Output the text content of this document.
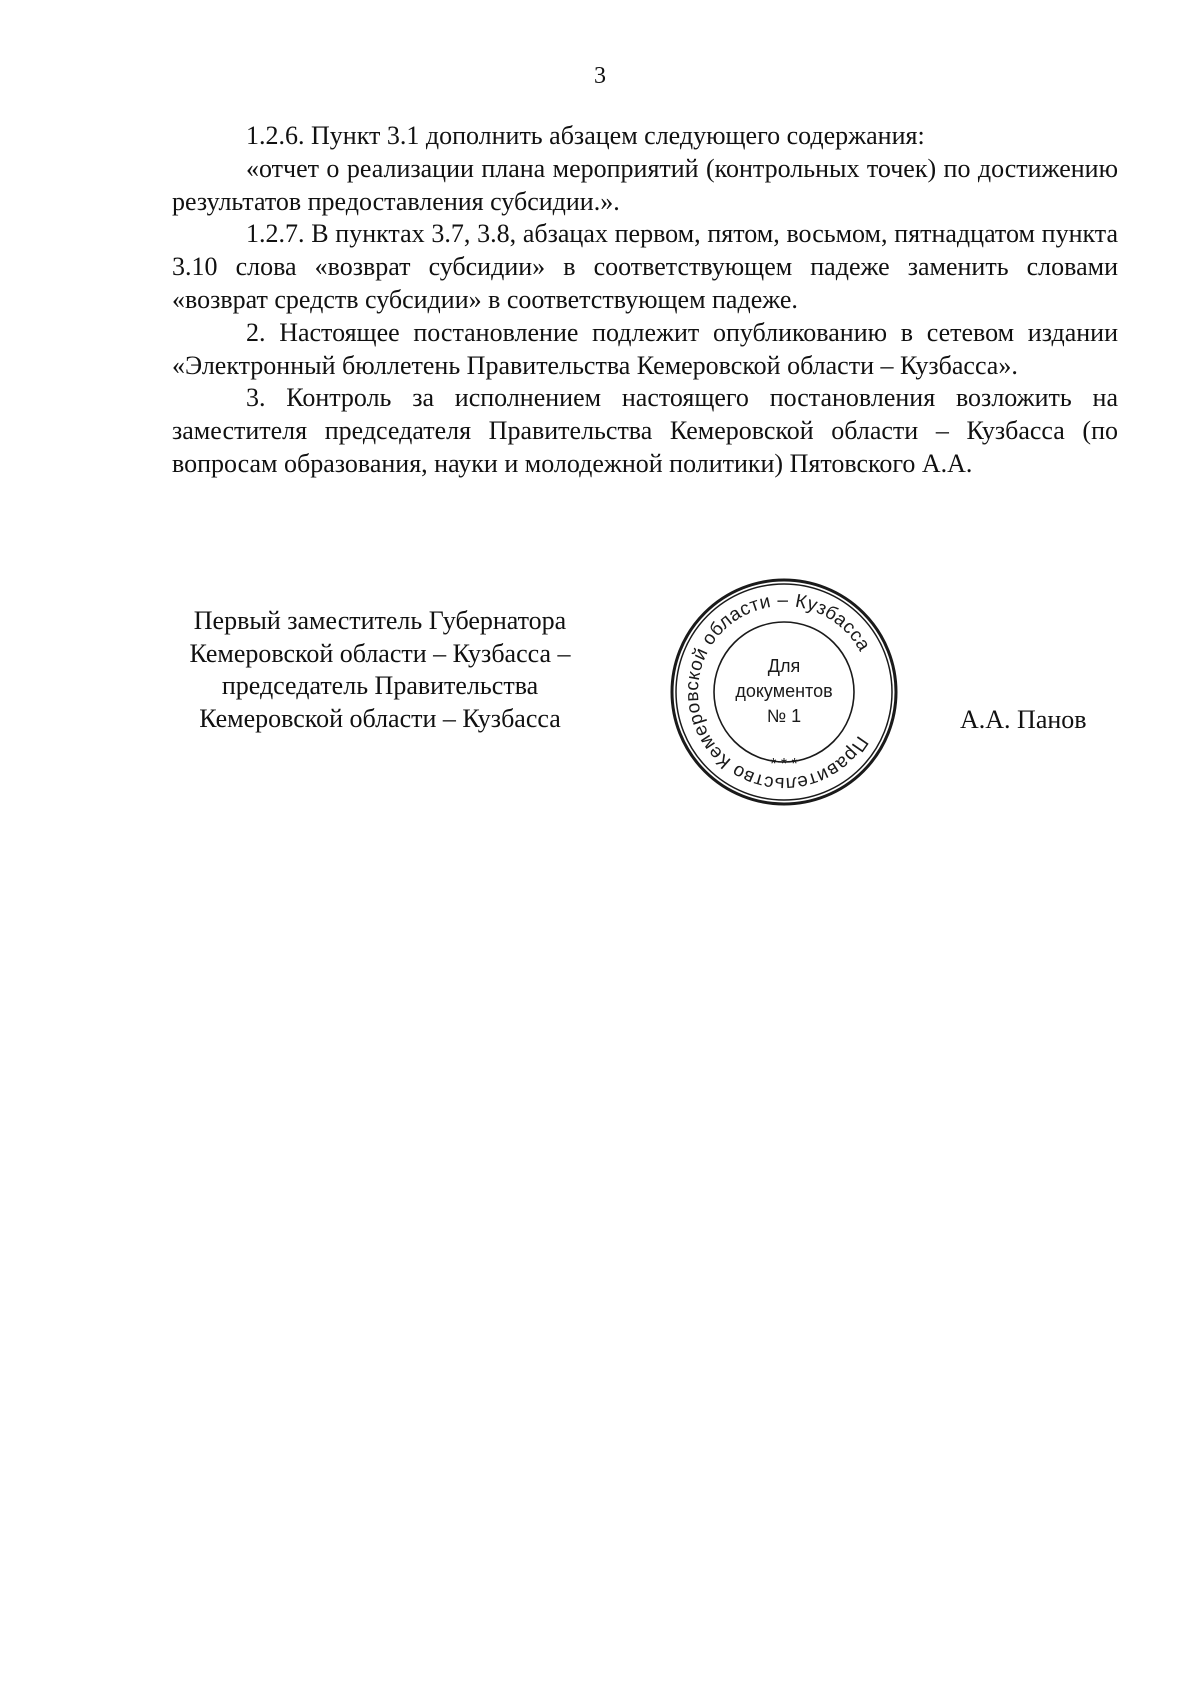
3

1.2.6. Пункт 3.1 дополнить абзацем следующего содержания:

«отчет о реализации плана мероприятий (контрольных точек) по достижению результатов предоставления субсидии.».

1.2.7. В пунктах 3.7, 3.8, абзацах первом, пятом, восьмом, пятнадцатом пункта 3.10 слова «возврат субсидии» в соответствующем падеже заменить словами «возврат средств субсидии» в соответствующем падеже.

2. Настоящее постановление подлежит опубликованию в сетевом издании «Электронный бюллетень Правительства Кемеровской области – Кузбасса».

3. Контроль за исполнением настоящего постановления возложить на заместителя председателя Правительства Кемеровской области – Кузбасса (по вопросам образования, науки и молодежной политики) Пятовского А.А.

Первый заместитель Губернатора
Кемеровской области – Кузбасса –
председатель Правительства
Кемеровской области – Кузбасса
Правительство Кемеровской области – Кузбасса
* * *
Для
документов
№ 1	А.А. Панов
